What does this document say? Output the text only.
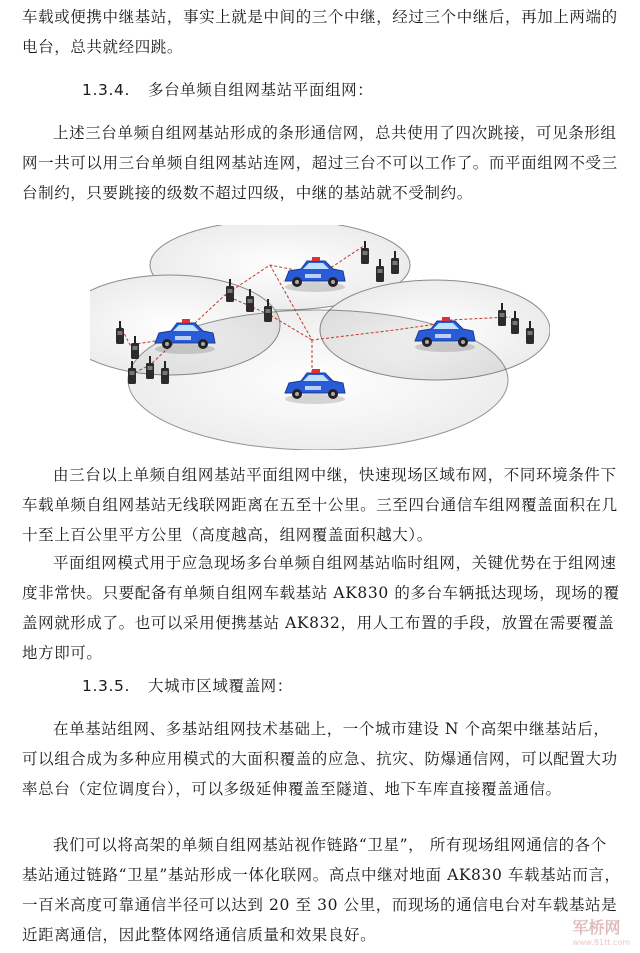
车载或便携中继基站，事实上就是中间的三个中继，经过三个中继后，再加上两端的电台，总共就经四跳。

1.3.4. 多台单频自组网基站平面组网：

上述三台单频自组网基站形成的条形通信网，总共使用了四次跳接，可见条形组网一共可以用三台单频自组网基站连网，超过三台不可以工作了。而平面组网不受三台制约，只要跳接的级数不超过四级，中继的基站就不受制约。

由三台以上单频自组网基站平面组网中继，快速现场区域布网，不同环境条件下车载单频自组网基站无线联网距离在五至十公里。三至四台通信车组网覆盖面积在几十至上百公里平方公里（高度越高，组网覆盖面积越大）。

平面组网模式用于应急现场多台单频自组网基站临时组网，关键优势在于组网速度非常快。只要配备有单频自组网车载基站 AK830 的多台车辆抵达现场，现场的覆盖网就形成了。也可以采用便携基站 AK832，用人工布置的手段，放置在需要覆盖地方即可。

1.3.5. 大城市区域覆盖网：

在单基站组网、多基站组网技术基础上，一个城市建设 N 个高架中继基站后，可以组合成为多种应用模式的大面积覆盖的应急、抗灾、防爆通信网，可以配置大功率总台（定位调度台），可以多级延伸覆盖至隧道、地下车库直接覆盖通信。

我们可以将高架的单频自组网基站视作链路“卫星”， 所有现场组网通信的各个基站通过链路“卫星”基站形成一体化联网。高点中继对地面 AK830 车载基站而言，一百米高度可靠通信半径可以达到 20 至 30 公里，而现场的通信电台对车载基站是近距离通信，因此整体网络通信质量和效果良好。	军桥网
www.81tt.com
